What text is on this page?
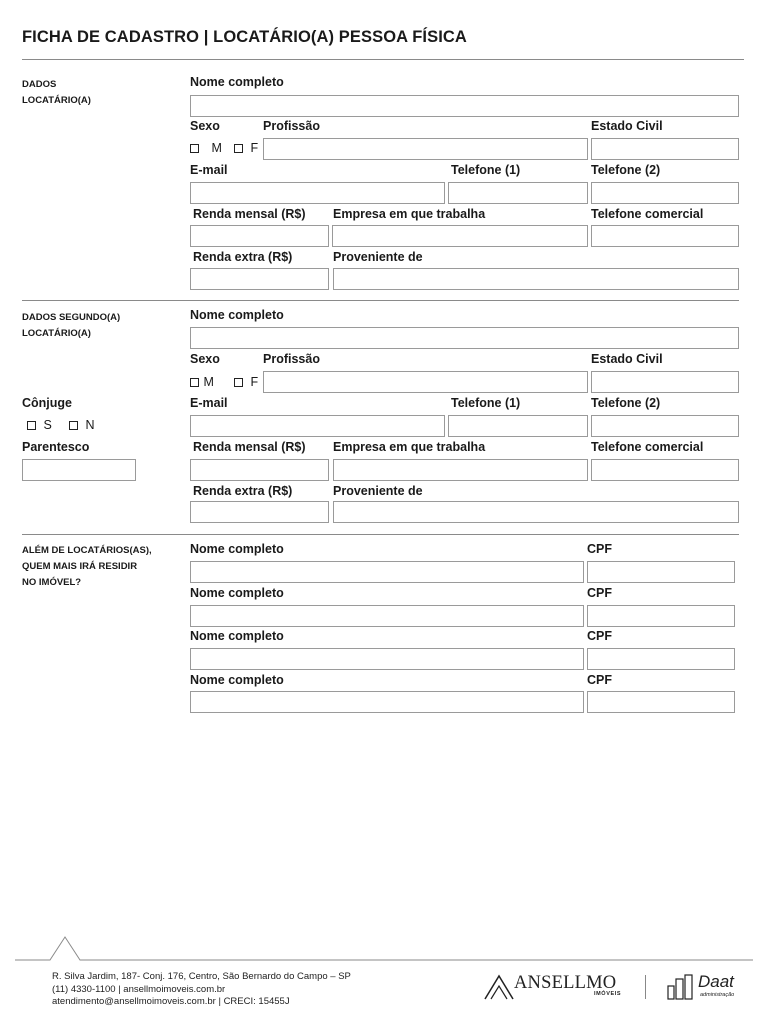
FICHA DE CADASTRO | LOCATÁRIO(A) PESSOA FÍSICA
DADOS
LOCATÁRIO(A)
Nome completo
Sexo	Profissão	Estado Civil
M	F
E-mail	Telefone (1)	Telefone (2)
Renda mensal (R$) Empresa em que trabalha	Telefone comercial
Renda extra (R$)	Proveniente de
DADOS SEGUNDO(A)
LOCATÁRIO(A)
Nome completo
Sexo	Profissão	Estado Civil
M	F
Cônjuge
S	N
E-mail	Telefone (1)	Telefone (2)
Parentesco	Renda mensal (R$) Empresa em que trabalha	Telefone comercial
Renda extra (R$)	Proveniente de
ALÉM DE LOCATÁRIOS(AS),
QUEM MAIS IRÁ RESIDIR
NO IMÓVEL?
Nome completo	CPF
Nome completo	CPF
Nome completo	CPF
Nome completo	CPF
R. Silva Jardim, 187- Conj. 176, Centro, São Bernardo do Campo – SP
(11) 4330-1100 | ansellmoimoveis.com.br
atendimento@ansellmoimoveis.com.br | CRECI: 15455J
ANSELLMO
IMÓVEIS
Daat
administração
